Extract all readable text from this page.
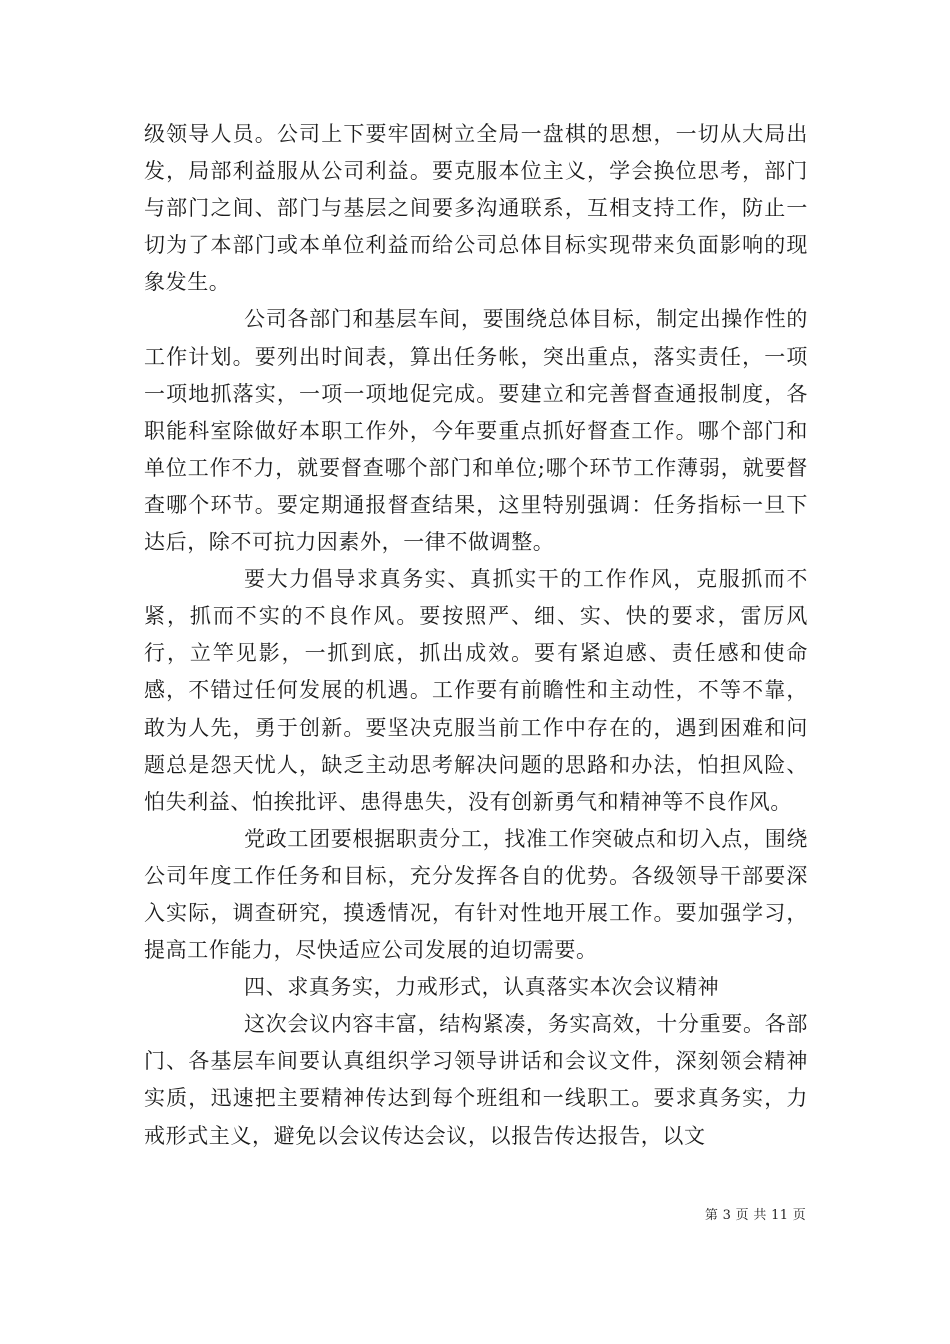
级领导人员。公司上下要牢固树立全局一盘棋的思想，一切从大局出发，局部利益服从公司利益。要克服本位主义，学会换位思考，部门与部门之间、部门与基层之间要多沟通联系，互相支持工作，防止一切为了本部门或本单位利益而给公司总体目标实现带来负面影响的现象发生。

公司各部门和基层车间，要围绕总体目标，制定出操作性的工作计划。要列出时间表，算出任务帐，突出重点，落实责任，一项一项地抓落实，一项一项地促完成。要建立和完善督查通报制度，各职能科室除做好本职工作外，今年要重点抓好督查工作。哪个部门和单位工作不力，就要督查哪个部门和单位;哪个环节工作薄弱，就要督查哪个环节。要定期通报督查结果，这里特别强调：任务指标一旦下达后，除不可抗力因素外，一律不做调整。

要大力倡导求真务实、真抓实干的工作作风，克服抓而不紧，抓而不实的不良作风。要按照严、细、实、快的要求，雷厉风行，立竿见影，一抓到底，抓出成效。要有紧迫感、责任感和使命感，不错过任何发展的机遇。工作要有前瞻性和主动性，不等不靠，敢为人先，勇于创新。要坚决克服当前工作中存在的，遇到困难和问题总是怨天忧人，缺乏主动思考解决问题的思路和办法，怕担风险、怕失利益、怕挨批评、患得患失，没有创新勇气和精神等不良作风。

党政工团要根据职责分工，找准工作突破点和切入点，围绕公司年度工作任务和目标，充分发挥各自的优势。各级领导干部要深入实际，调查研究，摸透情况，有针对性地开展工作。要加强学习，提高工作能力，尽快适应公司发展的迫切需要。

四、求真务实，力戒形式，认真落实本次会议精神

这次会议内容丰富，结构紧凑，务实高效，十分重要。各部门、各基层车间要认真组织学习领导讲话和会议文件，深刻领会精神实质，迅速把主要精神传达到每个班组和一线职工。要求真务实，力戒形式主义，避免以会议传达会议，以报告传达报告，以文

第 3 页 共 11 页
